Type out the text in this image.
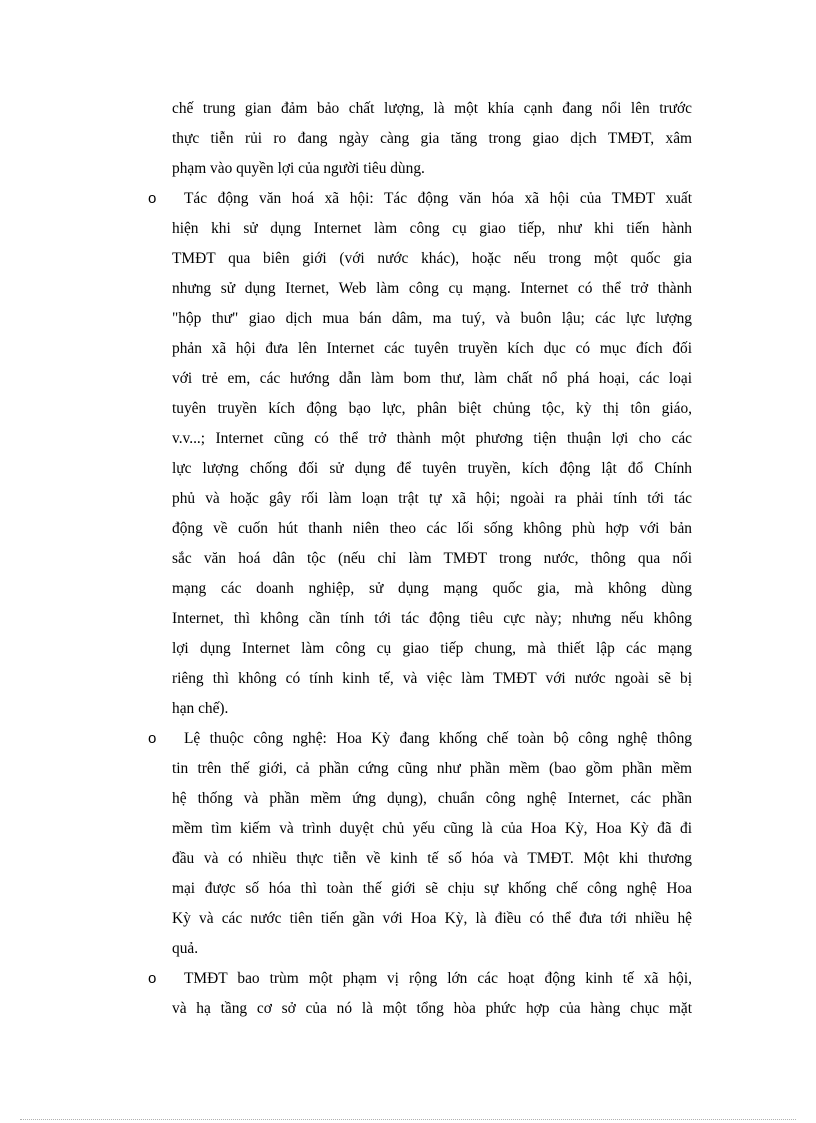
chế trung gian đảm bảo chất lượng, là một khía cạnh đang nổi lên trước
thực tiễn rủi ro đang ngày càng gia tăng trong giao dịch TMĐT, xâm
phạm vào quyền lợi của người tiêu dùng.
o	Tác động văn hoá xã hội: Tác động văn hóa xã hội của TMĐT xuất
hiện khi sử dụng Internet làm công cụ giao tiếp, như khi tiến hành
TMĐT qua biên giới (với nước khác), hoặc nếu trong một quốc gia
nhưng sử dụng Iternet, Web làm công cụ mạng. Internet có thể trở thành
"hộp thư" giao dịch mua bán dâm, ma tuý, và buôn lậu; các lực lượng
phản xã hội đưa lên Internet các tuyên truyền kích dục có mục đích đối
với trẻ em, các hướng dẫn làm bom thư, làm chất nổ phá hoại, các loại
tuyên truyền kích động bạo lực, phân biệt chủng tộc, kỳ thị tôn giáo,
v.v...; Internet cũng có thể trở thành một phương tiện thuận lợi cho các
lực lượng chống đối sử dụng để tuyên truyền, kích động lật đổ Chính
phủ và hoặc gây rối làm loạn trật tự xã hội; ngoài ra phải tính tới tác
động về cuốn hút thanh niên theo các lối sống không phù hợp với bản
sắc văn hoá dân tộc (nếu chỉ làm TMĐT trong nước, thông qua nối
mạng các doanh nghiệp, sử dụng mạng quốc gia, mà không dùng
Internet, thì không cần tính tới tác động tiêu cực này; nhưng nếu không
lợi dụng Internet làm công cụ giao tiếp chung, mà thiết lập các mạng
riêng thì không có tính kinh tế, và việc làm TMĐT với nước ngoài sẽ bị
hạn chế).
o	Lệ thuộc công nghệ: Hoa Kỳ đang khống chế toàn bộ công nghệ thông
tin trên thế giới, cả phần cứng cũng như phần mềm (bao gồm phần mềm
hệ thống và phần mềm ứng dụng), chuẩn công nghệ Internet, các phần
mềm tìm kiếm và trình duyệt chủ yếu cũng là của Hoa Kỳ, Hoa Kỳ đã đi
đầu và có nhiều thực tiễn về kinh tế số hóa và TMĐT. Một khi thương
mại được số hóa thì toàn thế giới sẽ chịu sự khống chế công nghệ Hoa
Kỳ và các nước tiên tiến gần với Hoa Kỳ, là điều có thể đưa tới nhiều hệ
quả.
o	TMĐT bao trùm một phạm vị rộng lớn các hoạt động kinh tế xã hội,
và hạ tầng cơ sở của nó là một tổng hòa phức hợp của hàng chục mặt
